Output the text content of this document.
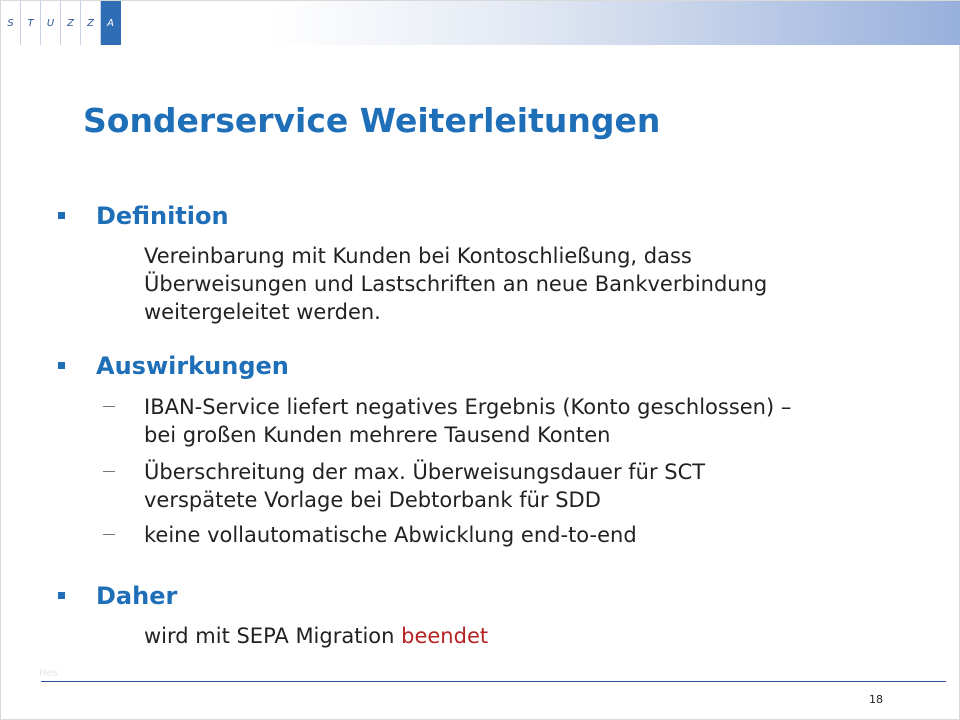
S	T	U	Z	Z	A
Sonderservice Weiterleitungen
Definition
Vereinbarung mit Kunden bei Kontoschließung, dass
Überweisungen und Lastschriften an neue Bankverbindung
weitergeleitet werden.
Auswirkungen
IBAN-Service liefert negatives Ergebnis (Konto geschlossen) –
bei großen Kunden mehrere Tausend Konten
Überschreitung der max. Überweisungsdauer für SCT
verspätete Vorlage bei Debtorbank für SDD
keine vollautomatische Abwicklung end-to-end
Daher
wird mit SEPA Migration beendet
Hes
18
